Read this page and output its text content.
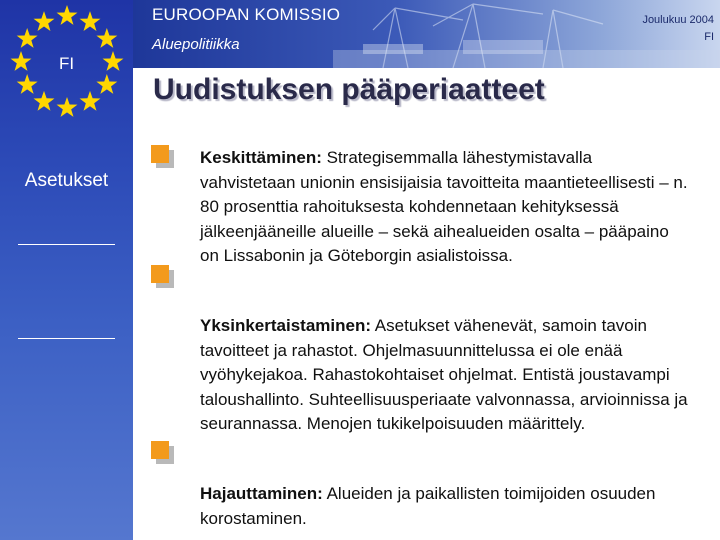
FI
Asetukset
EUROOPAN KOMISSIO
Aluepolitiikka
Joulukuu 2004
FI
Uudistuksen pääperiaatteet
Keskittäminen: Strategisemmalla lähestymistavalla vahvistetaan unionin ensisijaisia tavoitteita maantieteellisesti – n. 80 prosenttia rahoituksesta kohdennetaan kehityksessä jälkeenjääneille alueille – sekä aihealueiden osalta – pääpaino on Lissabonin ja Göteborgin asialistoissa.
Yksinkertaistaminen: Asetukset vähenevät, samoin tavoin tavoitteet ja rahastot. Ohjelmasuunnittelussa ei ole enää vyöhykejakoa. Rahastokohtaiset ohjelmat. Entistä joustavampi taloushallinto. Suhteellisuusperiaate valvonnassa, arvioinnissa ja seurannassa. Menojen tukikelpoisuuden määrittely.
Hajauttaminen: Alueiden ja paikallisten toimijoiden osuuden korostaminen.
